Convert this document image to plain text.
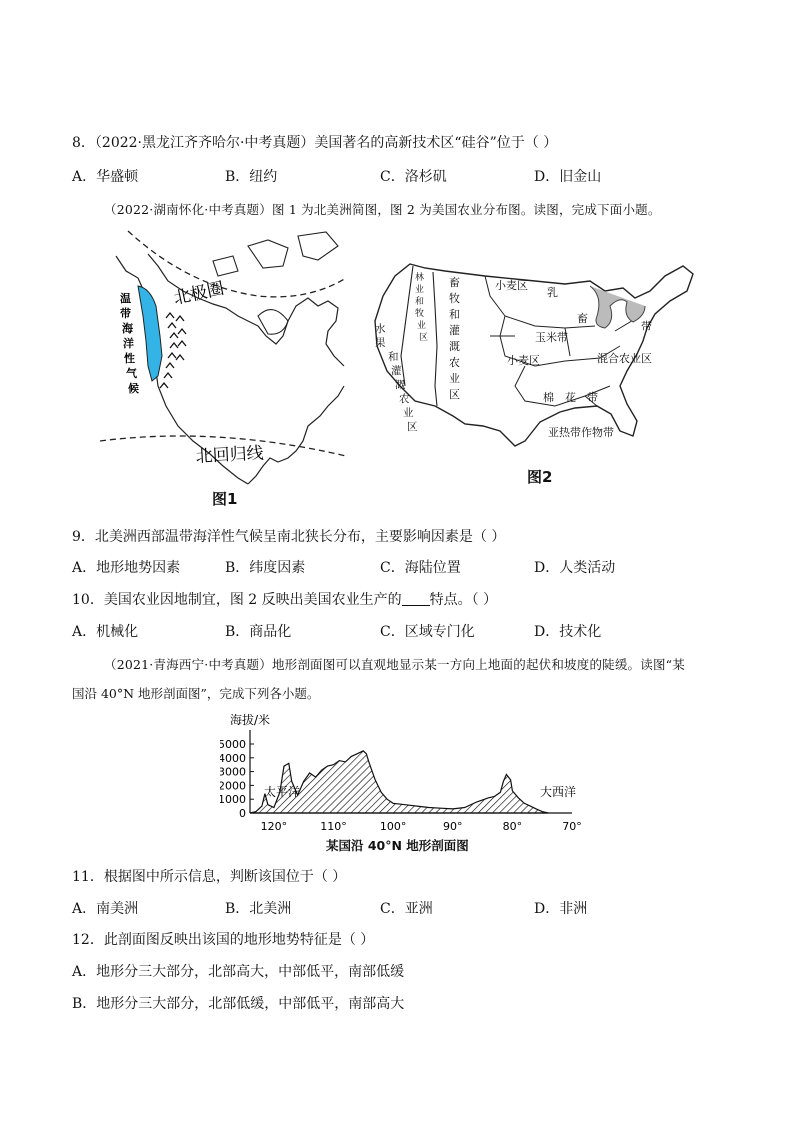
8．（2022·黑龙江齐齐哈尔·中考真题）美国著名的高新技术区“硅谷”位于（ ）
A．华盛顿	B．纽约	C．洛杉矶	D．旧金山
（2022·湖南怀化·中考真题）图 1 为北美洲简图，图 2 为美国农业分布图。读图，完成下面小题。
北极圈
北回归线
温
带
海
洋
性
气
候
图1
小麦区
乳
畜
带
玉米带
小麦区	混合农业区
棉 花 带
亚热带作物带
畜
牧
和
灌
溉
农
业
区
水
果
和
灌
溉
农
业
区
林
业
和
牧
业
区
图2
9．北美洲西部温带海洋性气候呈南北狭长分布，主要影响因素是（ ）
A．地形地势因素	B．纬度因素	C．海陆位置	D．人类活动
10．美国农业因地制宜，图 2 反映出美国农业生产的 特点。（ ）
A．机械化	B．商品化	C．区域专门化	D．技术化
（2021·青海西宁·中考真题）地形剖面图可以直观地显示某一方向上地面的起伏和坡度的陡缓。读图“某
国沿 40°N 地形剖面图”，完成下列各小题。
海拔/米
5000
4000
3000
2000
1000
0
120°	110°	100°	90°	80°	70°
太平洋	大西洋
某国沿 40°N 地形剖面图
11．根据图中所示信息，判断该国位于（ ）
A．南美洲	B．北美洲	C．亚洲	D．非洲
12．此剖面图反映出该国的地形地势特征是（ ）
A．地形分三大部分，北部高大，中部低平，南部低缓
B．地形分三大部分，北部低缓，中部低平，南部高大
